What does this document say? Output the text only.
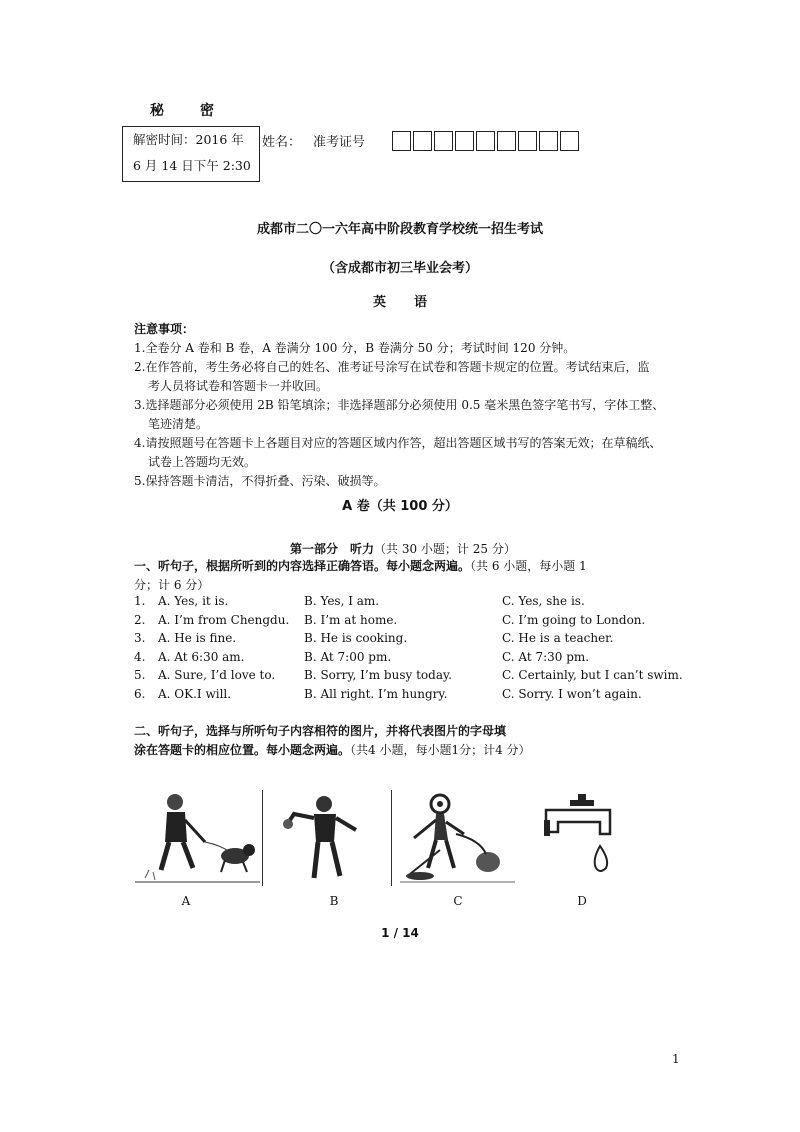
秘 密
解密时间：2016 年
6 月 14 日下午 2:30
姓名： 准考证号
成都市二〇一六年高中阶段教育学校统一招生考试
（含成都市初三毕业会考）
英语
注意事项：
1.全卷分 A 卷和 B 卷，A 卷满分 100 分，B 卷满分 50 分；考试时间 120 分钟。
2.在作答前，考生务必将自己的姓名、准考证号涂写在试卷和答题卡规定的位置。考试结束后，监
考人员将试卷和答题卡一并收回。
3.选择题部分必须使用 2B 铅笔填涂；非选择题部分必须使用 0.5 毫米黑色签字笔书写，字体工整、
笔迹清楚。
4.请按照题号在答题卡上各题目对应的答题区域内作答，超出答题区域书写的答案无效；在草稿纸、
试卷上答题均无效。
5.保持答题卡清洁，不得折叠、污染、破损等。
A 卷（共 100 分）
第一部分　听力（共 30 小题；计 25 分）
一、听句子，根据所听到的内容选择正确答语。每小题念两遍。（共 6 小题，每小题 1
分；计 6 分）
1. A. Yes, it is.	B. Yes, I am.	C. Yes, she is.
2. A. I’m from Chengdu. B. I’m at home.	C. I’m going to London.
3. A. He is fine.	B. He is cooking.	C. He is a teacher.
4. A. At 6:30 am.	B. At 7:00 pm.	C. At 7:30 pm.
5. A. Sure, I’d love to. B. Sorry, I’m busy today.	C. Certainly, but I can’t swim.
6. A. OK.I will.	B. All right. I’m hungry.	C. Sorry. I won’t again.
二、听句子，选择与所听句子内容相符的图片，并将代表图片的字母填
涂在答题卡的相应位置。每小题念两遍。（共4 小题，每小题1分；计4 分）
A	B	C	D
1 / 14
1
